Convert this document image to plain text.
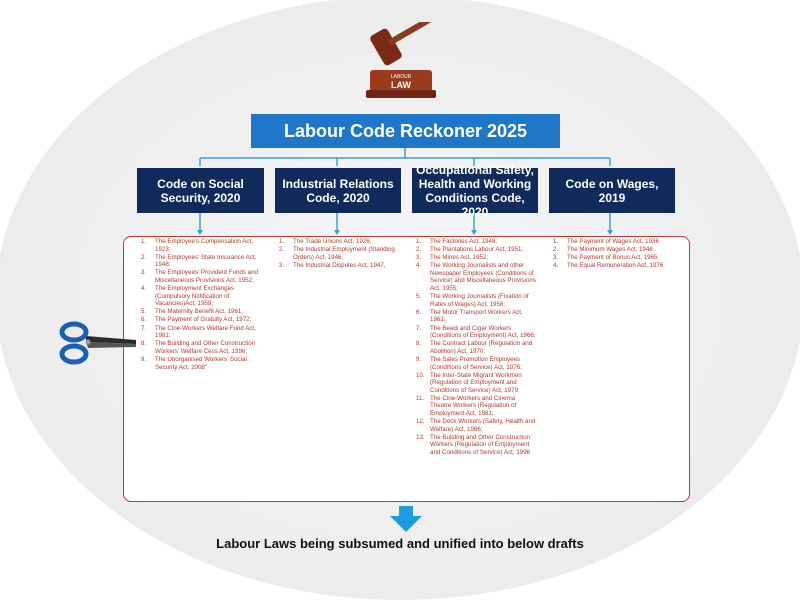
LABOUR
LAW
Labour Code Reckoner 2025
Code on Social Security, 2020
Industrial Relations Code, 2020
Occupational Safety, Health and Working Conditions Code, 2020
Code on Wages, 2019
1.	The Employee’s Compensation Act, 1923;
2.	The Employees’ State Insurance Act, 1948;
3.	The Employees’ Provident Funds and Miscellaneous Provisions Act, 1952;
4.	The Employment Exchanges (Compulsory Notification of Vacancies)Act, 1959;
5.	The Maternity Benefit Act, 1961;
6.	The Payment of Gratuity Act, 1972;
7.	The Cine-Workers Welfare Fund Act, 1981;
8.	The Building and Other Construction Workers’ Welfare Cess Act, 1996;
9.	The Unorganised Workers’ Social Security Act, 2008”
1.	The Trade Unions Act, 1926;
2.	The Industrial Employment (Standing Orders) Act, 1946;
3.	The Industrial Disputes Act, 1947,
1.	The Factories Act, 1948;
2.	The Plantations Labour Act, 1951;
3.	The Mines Act, 1952;
4.	The Working Journalists and other Newspaper Employees (Conditions of Service) and Miscellaneous Provisions Act, 1955;
5.	The Working Journalists (Fixation of Rates of Wages) Act, 1958;
6.	The Motor Transport Workers Act, 1961;
7.	The Beedi and Cigar Workers (Conditions of Employment) Act, 1966;
8.	The Contract Labour (Regulation and Abolition) Act, 1970;
9.	The Sales Promotion Employees (Conditions of Service) Act, 1976;
10. The Inter-State Migrant Workmen (Regulation of Employment and Conditions of Service) Act, 1979;
11. The Cine-Workers and Cinema Theatre Workers (Regulation of Employment Act, 1981;
12. The Dock Workers (Safety, Health and Welfare) Act, 1986;
13. The Building and Other Construction Workers (Regulation of Employment and Conditions of Service) Act, 1996
1.	The Payment of Wages Act, 1936
2.	The Minimum Wages Act, 1948
3.	The Payment of Bonus Act, 1965
4.	The Equal Remuneration Act, 1976
Labour Laws being subsumed and unified into below drafts
